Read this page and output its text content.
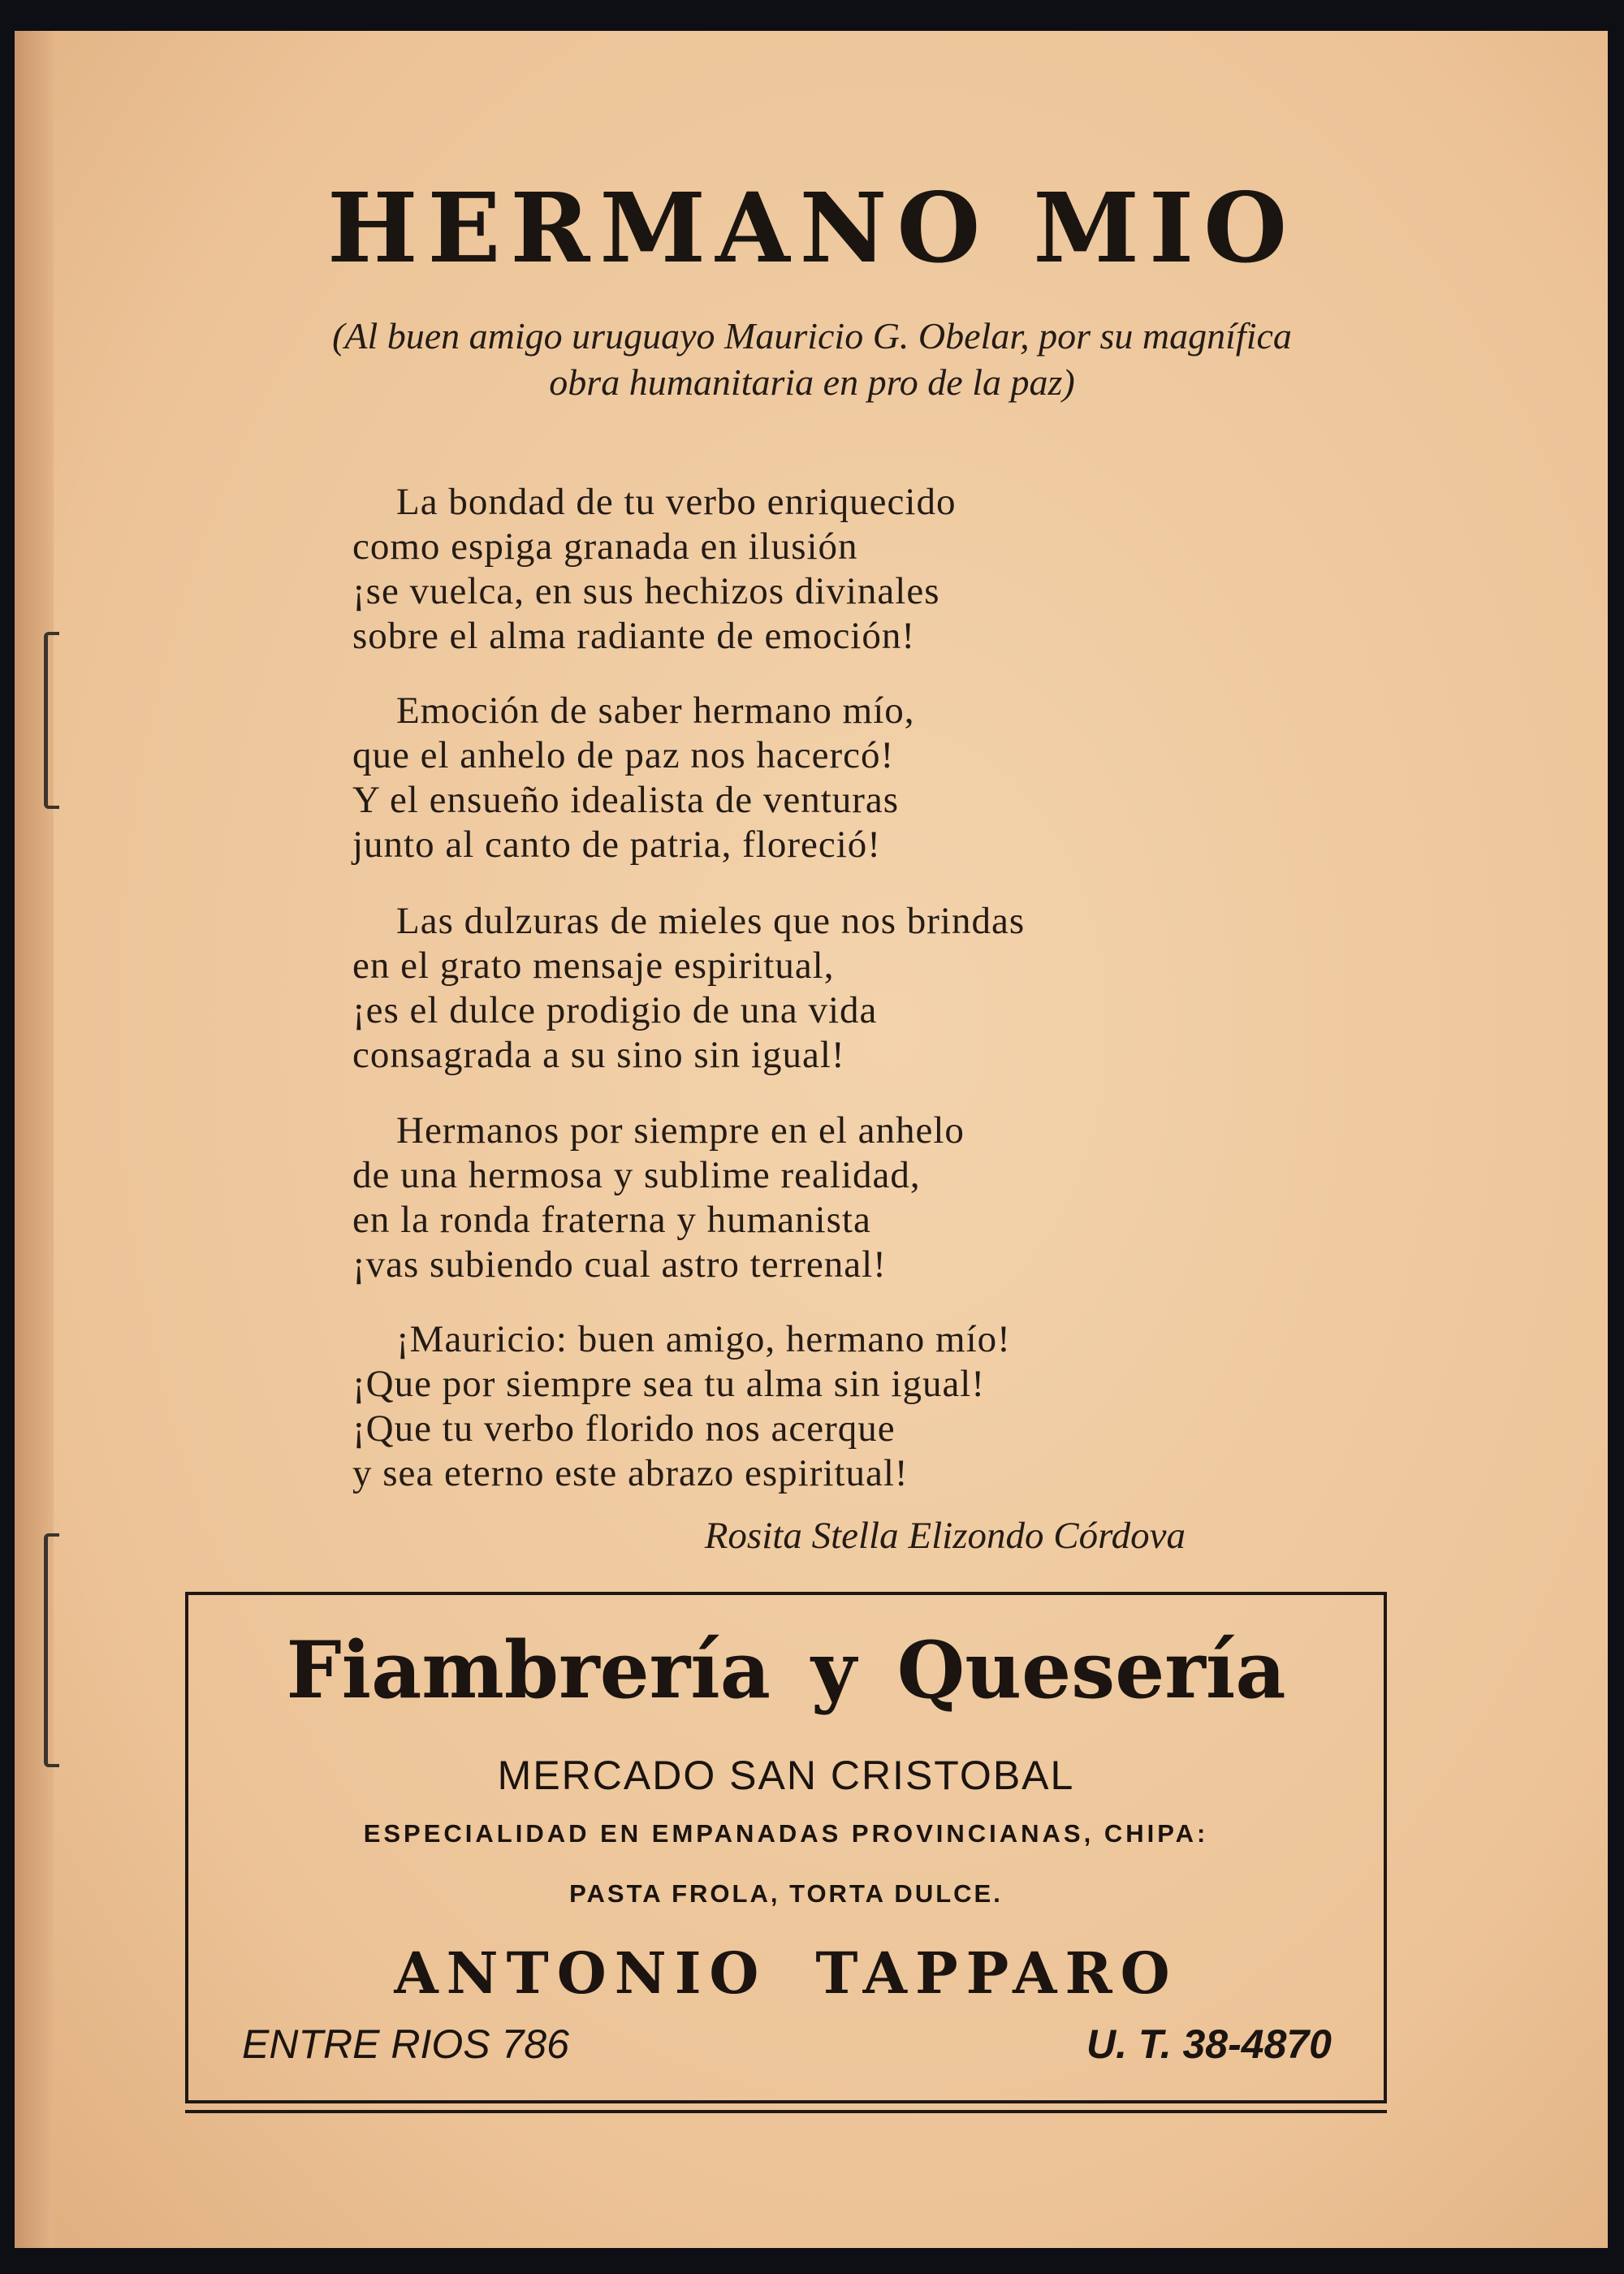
HERMANO MIO

(Al buen amigo uruguayo Mauricio G. Obelar, por su magnífica obra humanitaria en pro de la paz)

La bondad de tu verbo enriquecido
como espiga granada en ilusión
¡se vuelca, en sus hechizos divinales
sobre el alma radiante de emoción!
Emoción de saber hermano mío,
que el anhelo de paz nos hacercó!
Y el ensueño idealista de venturas
junto al canto de patria, floreció!
Las dulzuras de mieles que nos brindas
en el grato mensaje espiritual,
¡es el dulce prodigio de una vida
consagrada a su sino sin igual!
Hermanos por siempre en el anhelo
de una hermosa y sublime realidad,
en la ronda fraterna y humanista
¡vas subiendo cual astro terrenal!
¡Mauricio: buen amigo, hermano mío!
¡Que por siempre sea tu alma sin igual!
¡Que tu verbo florido nos acerque
y sea eterno este abrazo espiritual!

Rosita Stella Elizondo Córdova

Fiambrería y Quesería
MERCADO SAN CRISTOBAL
ESPECIALIDAD EN EMPANADAS PROVINCIANAS, CHIPA:
PASTA FROLA, TORTA DULCE.
ANTONIO TAPPARO
ENTRE RIOS 786	U. T. 38-4870
